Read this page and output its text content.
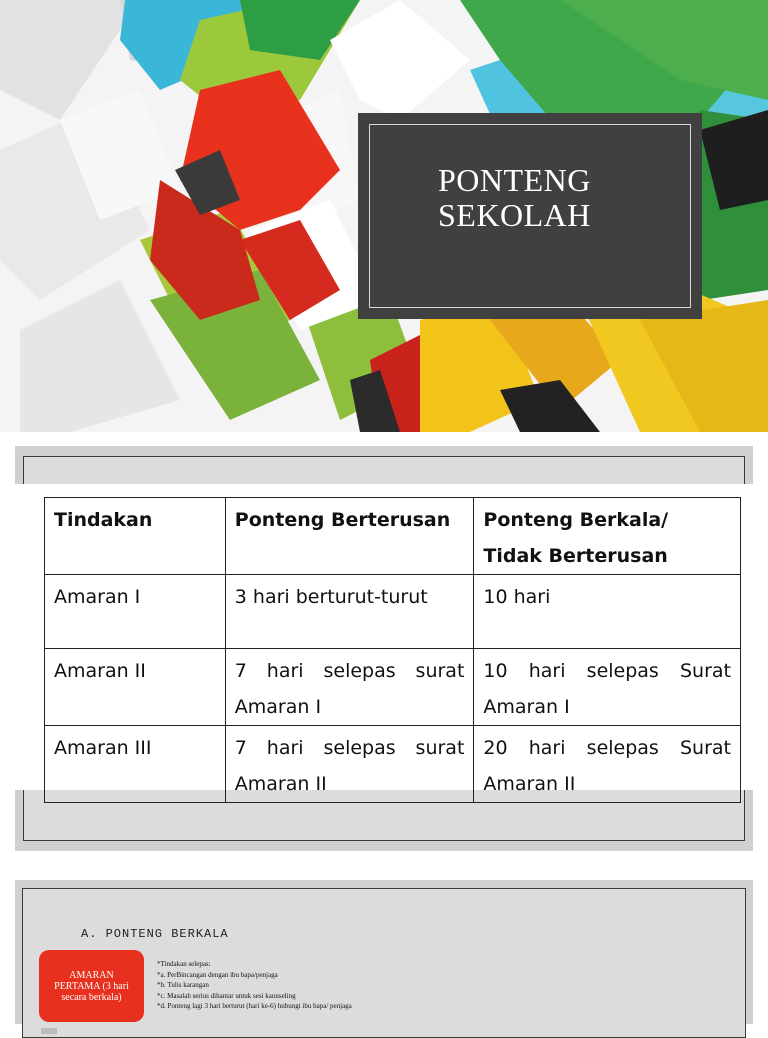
PONTENG
SEKOLAH
Tindakan	Ponteng Berterusan	Ponteng Berkala/
Tidak Berterusan

Amaran I	3 hari berturut-turut	10 hari
Amaran II	7 hari selepas surat Amaran I	10 hari selepas Surat Amaran I
Amaran III	7 hari selepas surat Amaran II	20 hari selepas Surat Amaran II
A. PONTENG BERKALA
AMARAN PERTAMA (3 hari secara berkala)
*Tindakan selepas:
*a. PerBincangan dengan ibu bapa/penjaga
*b. Tulis karangan
*c. Masalah serius dihantar untuk sesi kaunseling
*d. Ponteng lagi 3 hari berturut (hari ke-6) hubungi ibu bapa/ penjaga
